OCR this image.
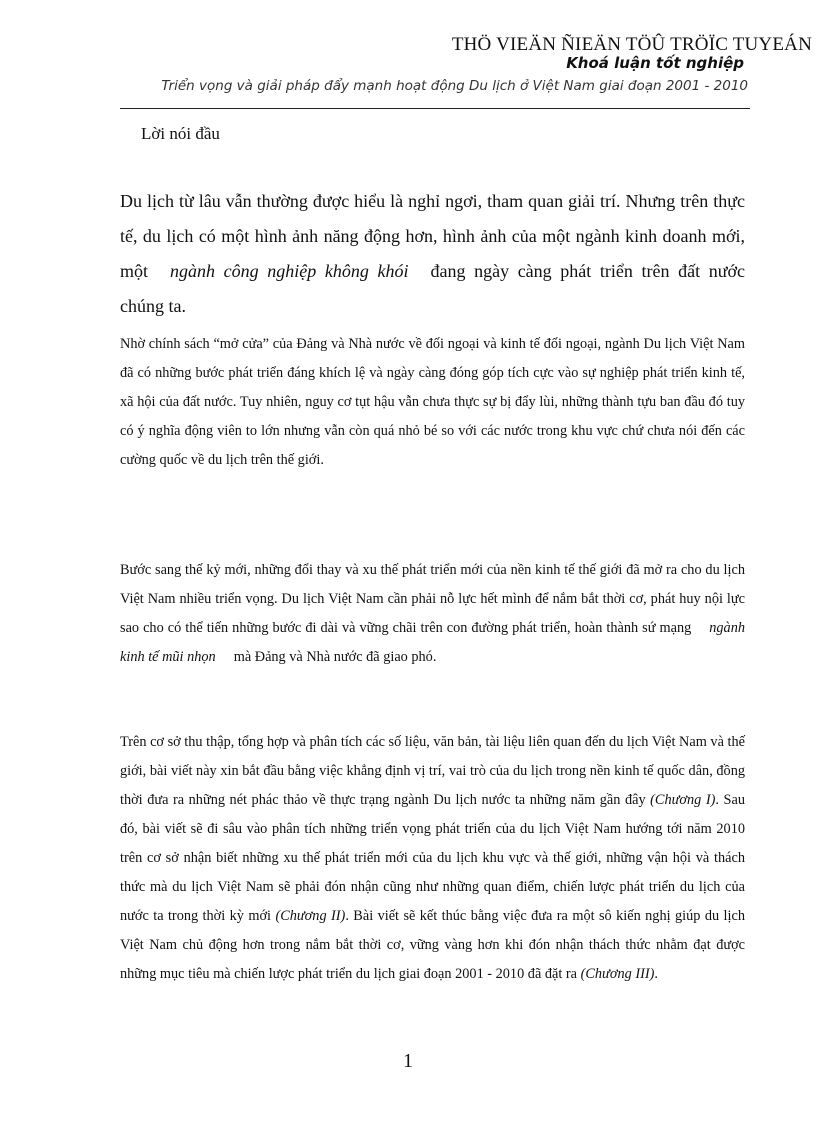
THÖ VIEÄN ÑIEÄN TÖÛ TRÖÏC TUYEÁN
Khoá luận tốt nghiệp
Triển vọng và giải pháp đẩy mạnh hoạt động Du lịch ở Việt Nam giai đoạn 2001 - 2010
Lời nói đầu

Du lịch từ lâu vẫn thường được hiểu là nghỉ ngơi, tham quan giải trí. Nhưng trên thực tế, du lịch có một hình ảnh năng động hơn, hình ảnh của một ngành kinh doanh mới, một ngành công nghiệp không khói đang ngày càng phát triển trên đất nước chúng ta.

Nhờ chính sách “mở cửa” của Đảng và Nhà nước về đối ngoại và kinh tế đối ngoại, ngành Du lịch Việt Nam đã có những bước phát triển đáng khích lệ và ngày càng đóng góp tích cực vào sự nghiệp phát triển kinh tế, xã hội của đất nước. Tuy nhiên, nguy cơ tụt hậu vẫn chưa thực sự bị đẩy lùi, những thành tựu ban đầu đó tuy có ý nghĩa động viên to lớn nhưng vẫn còn quá nhỏ bé so với các nước trong khu vực chứ chưa nói đến các cường quốc về du lịch trên thế giới.

Bước sang thế kỷ mới, những đổi thay và xu thế phát triển mới của nền kinh tế thế giới đã mở ra cho du lịch Việt Nam nhiều triển vọng. Du lịch Việt Nam cần phải nỗ lực hết mình để nắm bắt thời cơ, phát huy nội lực sao cho có thể tiến những bước đi dài và vững chãi trên con đường phát triển, hoàn thành sứ mạng ngành kinh tế mũi nhọn mà Đảng và Nhà nước đã giao phó.

Trên cơ sở thu thập, tổng hợp và phân tích các số liệu, văn bản, tài liệu liên quan đến du lịch Việt Nam và thế giới, bài viết này xin bắt đầu bằng việc khẳng định vị trí, vai trò của du lịch trong nền kinh tế quốc dân, đồng thời đưa ra những nét phác thảo về thực trạng ngành Du lịch nước ta những năm gần đây (Chương I). Sau đó, bài viết sẽ đi sâu vào phân tích những triển vọng phát triển của du lịch Việt Nam hướng tới năm 2010 trên cơ sở nhận biết những xu thế phát triển mới của du lịch khu vực và thế giới, những vận hội và thách thức mà du lịch Việt Nam sẽ phải đón nhận cũng như những quan điểm, chiến lược phát triển du lịch của nước ta trong thời kỳ mới (Chương II). Bài viết sẽ kết thúc bằng việc đưa ra một sô kiến nghị giúp du lịch Việt Nam chủ động hơn trong nắm bắt thời cơ, vững vàng hơn khi đón nhận thách thức nhằm đạt được những mục tiêu mà chiến lược phát triển du lịch giai đoạn 2001 - 2010 đã đặt ra (Chương III).

1
